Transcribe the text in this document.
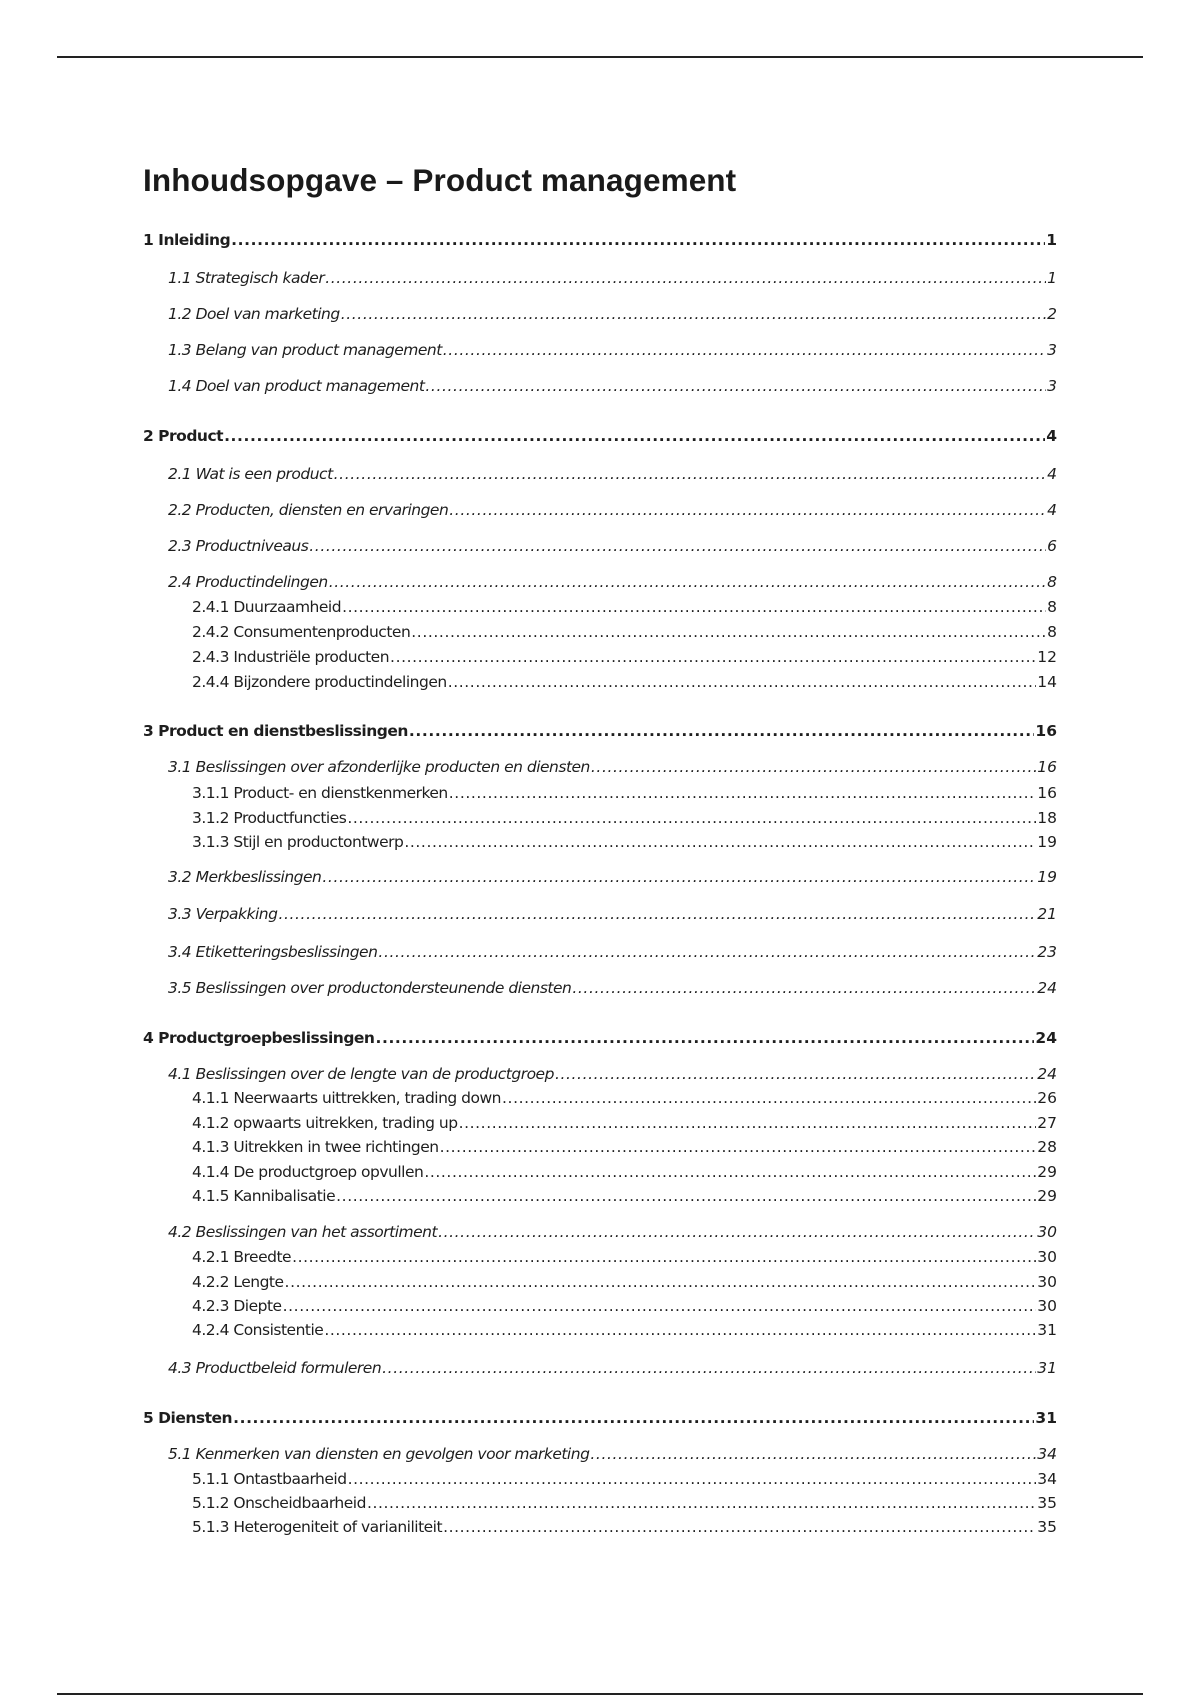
Inhoudsopgave – Product management
1 Inleiding .....	1
1.1 Strategisch kader .....	1
1.2 Doel van marketing .....	2
1.3 Belang van product management .....	3
1.4 Doel van product management .....	3
2 Product .....	4
2.1 Wat is een product .....	4
2.2 Producten, diensten en ervaringen .....	4
2.3 Productniveaus .....	6
2.4 Productindelingen .....	8
2.4.1 Duurzaamheid .....	8
2.4.2 Consumentenproducten .....	8
2.4.3 Industriële producten .....	12
2.4.4 Bijzondere productindelingen .....	14
3 Product en dienstbeslissingen .....	16
3.1 Beslissingen over afzonderlijke producten en diensten .....	16
3.1.1 Product- en dienstkenmerken .....	16
3.1.2 Productfuncties .....	18
3.1.3 Stijl en productontwerp .....	19
3.2 Merkbeslissingen .....	19
3.3 Verpakking .....	21
3.4 Etiketteringsbeslissingen .....	23
3.5 Beslissingen over productondersteunende diensten .....	24
4 Productgroepbeslissingen .....	24
4.1 Beslissingen over de lengte van de productgroep .....	24
4.1.1 Neerwaarts uittrekken, trading down .....	26
4.1.2 opwaarts uitrekken, trading up .....	27
4.1.3 Uitrekken in twee richtingen .....	28
4.1.4 De productgroep opvullen .....	29
4.1.5 Kannibalisatie .....	29
4.2 Beslissingen van het assortiment .....	30
4.2.1 Breedte .....	30
4.2.2 Lengte .....	30
4.2.3 Diepte .....	30
4.2.4 Consistentie .....	31
4.3 Productbeleid formuleren .....	31
5 Diensten .....	31
5.1 Kenmerken van diensten en gevolgen voor marketing .....	34
5.1.1 Ontastbaarheid .....	34
5.1.2 Onscheidbaarheid .....	35
5.1.3 Heterogeniteit of varianiliteit .....	35
